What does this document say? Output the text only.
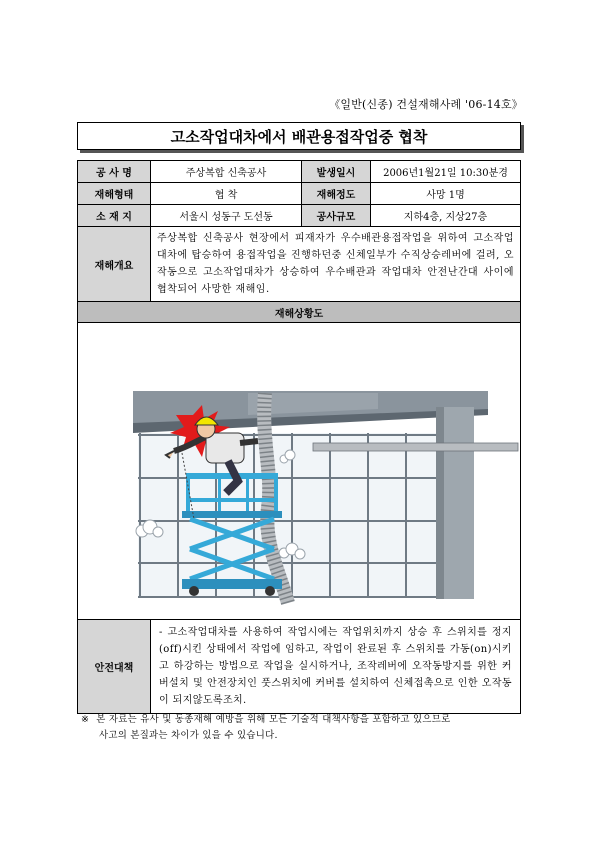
《일반(신종) 건설재해사례 '06-14호》
고소작업대차에서 배관용접작업중 협착
공 사 명	주상복합 신축공사	발생일시	2006년1월21일 10:30분경
재해형태	협 착	재해정도	사망 1명
소 재 지	서울시 성동구 도선동	공사규모	지하4층, 지상27층
재해개요	주상복합 신축공사 현장에서 피재자가 우수배관용접작업을 위하여 고소작업대차에 탑승하여 용접작업을 진행하던중 신체일부가 수직상승레버에 걸려, 오작동으로 고소작업대차가 상승하여 우수배관과 작업대차 안전난간대 사이에 협착되어 사망한 재해임.		
재해상황도			

안전대책	- 고소작업대차를 사용하여 작업시에는 작업위치까지 상승 후 스위치를 정지(off)시킨 상태에서 작업에 임하고, 작업이 완료된 후 스위치를 가동(on)시키고 하강하는 방법으로 작업을 실시하거나, 조작레버에 오작동방지를 위한 커버설치 및 안전장치인 풋스위치에 커버를 설치하여 신체접촉으로 인한 오작동이 되지않도록조치.		
※ 본 자료는 유사 및 동종재해 예방을 위해 모든 기술적 대책사항을 포함하고 있으므로
사고의 본질과는 차이가 있을 수 있습니다.
